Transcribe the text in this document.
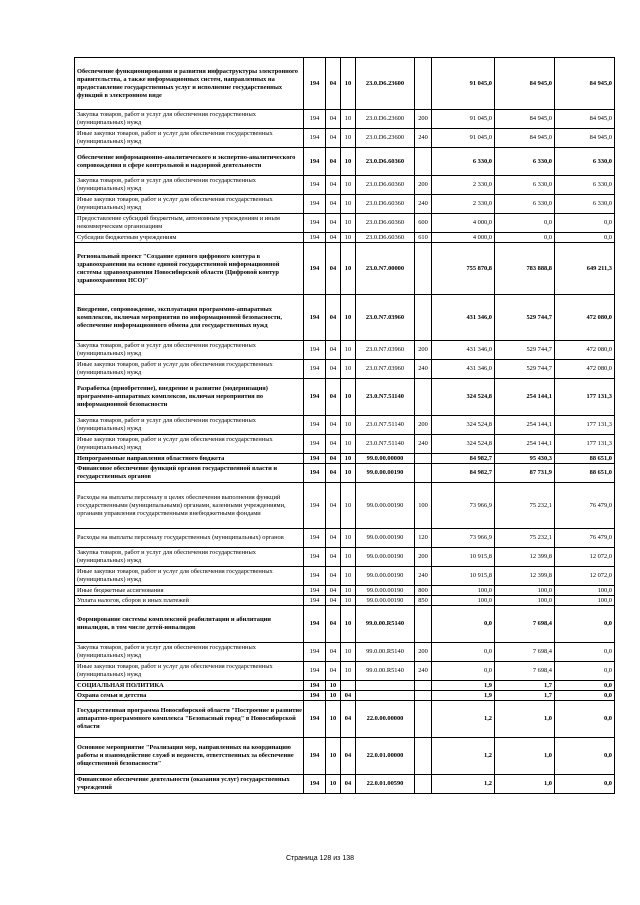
Обеспечение функционирования и развития инфраструктуры электронного правительства, а также информационных систем, направленных на предоставление государственных услуг и исполнение государственных функций в электронном виде	194	04	10	23.0.D6.23600		91 045,0	84 945,0	84 945,0
Закупка товаров, работ и услуг для обеспечения государственных (муниципальных) нужд	194	04	10	23.0.D6.23600	200	91 045,0	84 945,0	84 945,0
Иные закупки товаров, работ и услуг для обеспечения государственных (муниципальных) нужд	194	04	10	23.0.D6.23600	240	91 045,0	84 945,0	84 945,0
Обеспечение информационно-аналитического и экспертно-аналитического сопровождения в сфере контрольной и надзорной деятельности	194	04	10	23.0.D6.60360		6 330,0	6 330,0	6 330,0
Закупка товаров, работ и услуг для обеспечения государственных (муниципальных) нужд	194	04	10	23.0.D6.60360	200	2 330,0	6 330,0	6 330,0
Иные закупки товаров, работ и услуг для обеспечения государственных (муниципальных) нужд	194	04	10	23.0.D6.60360	240	2 330,0	6 330,0	6 330,0
Предоставление субсидий бюджетным, автономным учреждениям и иным некоммерческим организациям	194	04	10	23.0.D6.60360	600	4 000,0	0,0	0,0
Субсидии бюджетным учреждениям	194	04	10	23.0.D6.60360	610	4 000,0	0,0	0,0
Региональный проект "Создание единого цифрового контура в здравоохранении на основе единой государственной информационной системы здравоохранения Новосибирской области (Цифровой контур здравоохранения НСО)"	194	04	10	23.0.N7.00000		755 870,8	783 888,8	649 211,3
Внедрение, сопровождение, эксплуатация программно-аппаратных комплексов, включая мероприятия по информационной безопасности, обеспечение информационного обмена для государственных нужд	194	04	10	23.0.N7.03960		431 346,0	529 744,7	472 080,0
Закупка товаров, работ и услуг для обеспечения государственных (муниципальных) нужд	194	04	10	23.0.N7.03960	200	431 346,0	529 744,7	472 080,0
Иные закупки товаров, работ и услуг для обеспечения государственных (муниципальных) нужд	194	04	10	23.0.N7.03960	240	431 346,0	529 744,7	472 080,0
Разработка (приобретение), внедрение и развитие (модернизация) программно-аппаратных комплексов, включая мероприятия по информационной безопасности	194	04	10	23.0.N7.51140		324 524,8	254 144,1	177 131,3
Закупка товаров, работ и услуг для обеспечения государственных (муниципальных) нужд	194	04	10	23.0.N7.51140	200	324 524,8	254 144,1	177 131,3
Иные закупки товаров, работ и услуг для обеспечения государственных (муниципальных) нужд	194	04	10	23.0.N7.51140	240	324 524,8	254 144,1	177 131,3
Непрограммные направления областного бюджета	194	04	10	99.0.00.00000		84 982,7	95 430,3	88 651,0
Финансовое обеспечение функций органов государственной власти и государственных органов	194	04	10	99.0.00.00190		84 982,7	87 731,9	88 651,0
Расходы на выплаты персоналу в целях обеспечения выполнения функций государственными (муниципальными) органами, казенными учреждениями, органами управления государственными внебюджетными фондами	194	04	10	99.0.00.00190	100	73 966,9	75 232,1	76 479,0
Расходы на выплаты персоналу государственных (муниципальных) органов	194	04	10	99.0.00.00190	120	73 966,9	75 232,1	76 479,0
Закупка товаров, работ и услуг для обеспечения государственных (муниципальных) нужд	194	04	10	99.0.00.00190	200	10 915,8	12 399,8	12 072,0
Иные закупки товаров, работ и услуг для обеспечения государственных (муниципальных) нужд	194	04	10	99.0.00.00190	240	10 915,8	12 399,8	12 072,0
Иные бюджетные ассигнования	194	04	10	99.0.00.00190	800	100,0	100,0	100,0
Уплата налогов, сборов и иных платежей	194	04	10	99.0.00.00190	850	100,0	100,0	100,0
Формирование системы комплексной реабилитации и абилитации инвалидов, в том числе детей-инвалидов	194	04	10	99.0.00.R5140		0,0	7 698,4	0,0
Закупка товаров, работ и услуг для обеспечения государственных (муниципальных) нужд	194	04	10	99.0.00.R5140	200	0,0	7 698,4	0,0
Иные закупки товаров, работ и услуг для обеспечения государственных (муниципальных) нужд	194	04	10	99.0.00.R5140	240	0,0	7 698,4	0,0
СОЦИАЛЬНАЯ ПОЛИТИКА	194	10				1,9	1,7	0,0
Охрана семьи и детства	194	10	04			1,9	1,7	0,0
Государственная программа Новосибирской области "Построение и развитие аппаратно-программного комплекса "Безопасный город" в Новосибирской области	194	10	04	22.0.00.00000		1,2	1,0	0,0
Основное мероприятие "Реализация мер, направленных на координацию работы и взаимодействие служб и ведомств, ответственных за обеспечение общественной безопасности"	194	10	04	22.0.01.00000		1,2	1,0	0,0
Финансовое обеспечение деятельности (оказания услуг) государственных учреждений	194	10	04	22.0.01.00590		1,2	1,0	0,0
Страница 128 из 138
